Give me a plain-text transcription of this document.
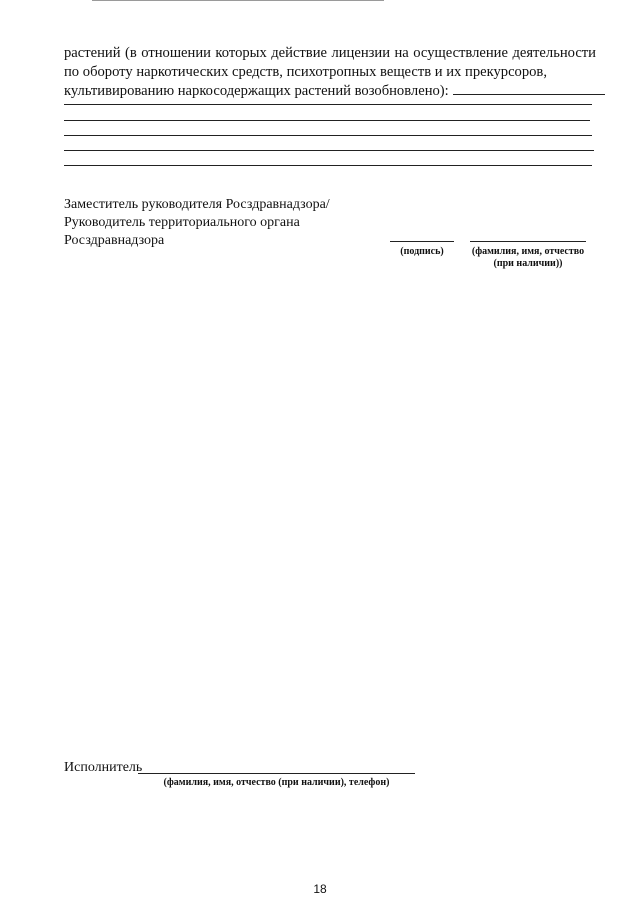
растений (в отношении которых действие лицензии на осуществление деятельности по обороту наркотических средств, психотропных веществ и их прекурсоров,
культивированию наркосодержащих растений возобновлено):

Заместитель руководителя Росздравнадзора/
Руководитель территориального органа
Росздравнадзора
(подпись)	(фамилия, имя, отчество
(при наличии))
Исполнитель
(фамилия, имя, отчество (при наличии), телефон)
18
